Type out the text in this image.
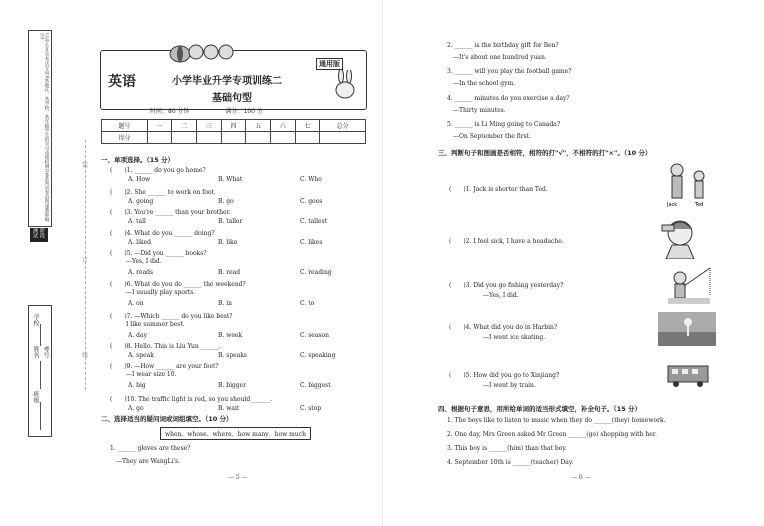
(小学生升学考试专用)(各地区、各学校、各年级学生的学习成绩检测)(本系列试卷由资深教师编写)
阶段测试
学校
姓名 考号
班级
装
订
线
英语	小学毕业升学专项训练二
基础句型
通用版
时间：80 分钟　　　　　　满分：100 分
题号	一	二	三	四	五	六	七	总分
得分								
一、单项选择。（15 分）
(　　)1. ______ do you go home?
A. How	B. What	C. Who
(　　)2. She ______ to work on foot.
A. going	B. go	C. goes
(　　)3. You're ______ than your brother.
A. tall	B. taller	C. tallest
(　　)4. What do you ______ doing?
A. liked	B. like	C. likes
(　　)5. —Did you ______ books?
—Yes, I did.
A. reads	B. read	C. reading
(　　)6. What do you do ______ the weekend?
—I usually play sports.
A. on	B. in	C. to
(　　)7. —Which ______ do you like best?
I like summer best.
A. day	B. week	C. season
(　　)8. Hello. This is Liu Yun ______.
A. speak	B. speaks	C. speaking
(　　)9. —How ______ are your feet?
—I wear size 10.
A. big	B. bigger	C. biggest
(　　)10. The traffic light is red, so you should ______.
A. go	B. wait	C. stop
二、选择适当的疑问词或词组填空。（10 分）
when、whose、where、how many、how much
1. ______ gloves are these?
—They are WangLi's.
— 5 —
2. ______ is the birthday gift for Ben?
—It's about one hundred yuan.
3. ______ will you play the football game?
—In the school gym.
4. ______ minutes do you exercise a day?
—Thirty minutes.
5. ______ is Li Ming going to Canada?
—On September the first.
三、判断句子和图画是否相符，相符的打"√"，不相符的打"×"。（10 分）
(　　)1. Jack is shorter than Ted.
(　　)2. I feel sick, I have a headache.
(　　)3. Did you go fishing yesterday?
—Yes, I did.
(　　)4. What did you do in Harbin?
—I went ice skating.
(　　)5. How did you go to Xinjiang?
—I went by train.
Jack	Ted
四、根据句子意思，用所给单词的适当形式填空，补全句子。（15 分）
1. The boys like to listen to music when they do ______(they) homework.
2. One day, Mrs Green asked Mr Green ______(go) shopping with her.
3. This boy is ______(him) than that boy.
4. September 10th is ______(teacher) Day.
— 6 —
